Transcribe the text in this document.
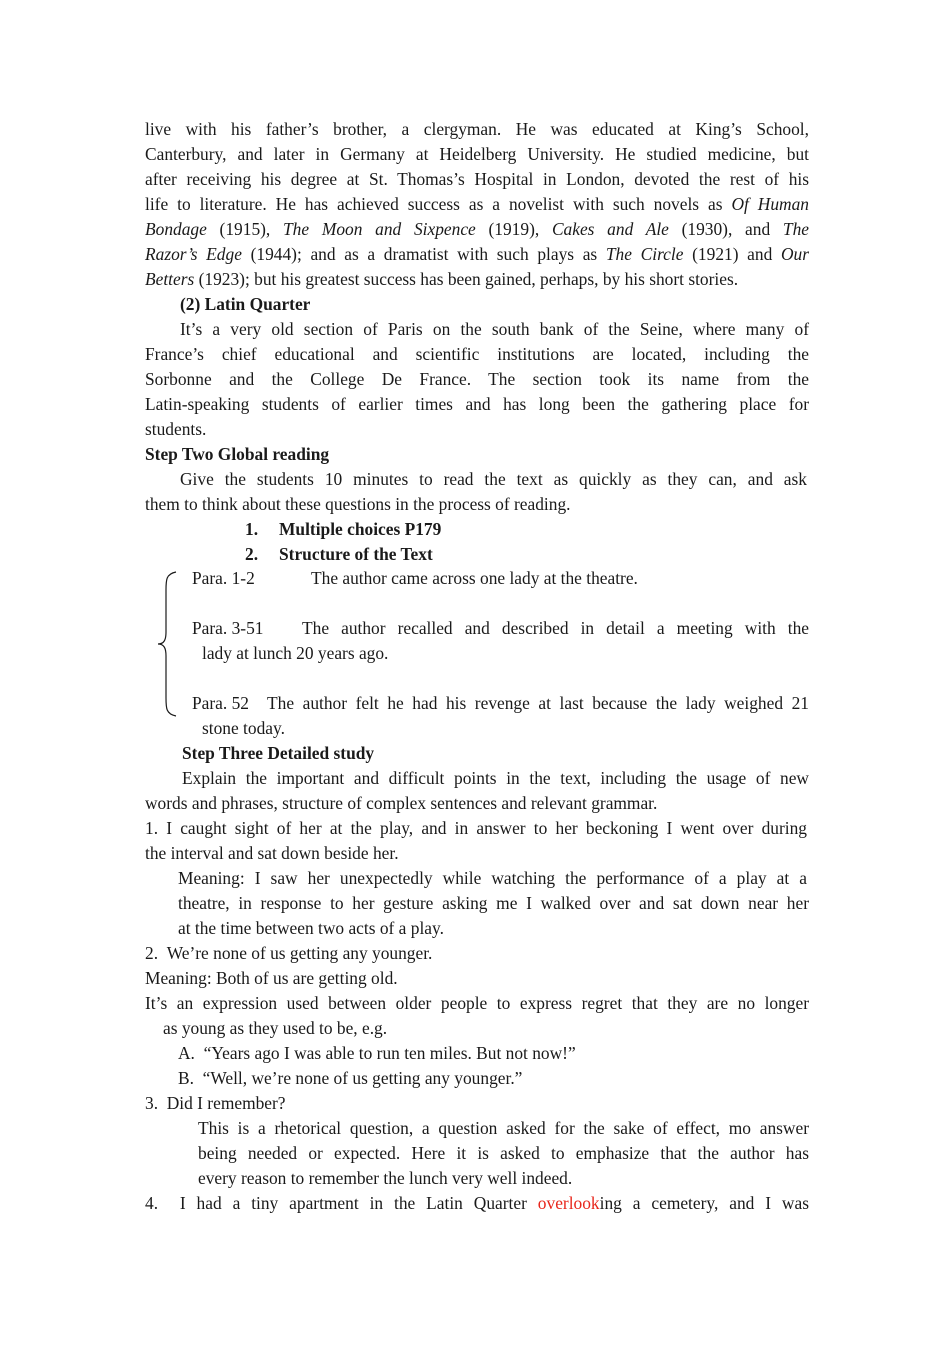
live with his father’s brother, a clergyman. He was educated at King’s School,
Canterbury, and later in Germany at Heidelberg University. He studied medicine, but
after receiving his degree at St. Thomas’s Hospital in London, devoted the rest of his
life to literature. He has achieved success as a novelist with such novels as Of Human
Bondage (1915), The Moon and Sixpence (1919), Cakes and Ale (1930), and The
Razor’s Edge (1944); and as a dramatist with such plays as The Circle (1921) and Our
Betters (1923); but his greatest success has been gained, perhaps, by his short stories.
(2) Latin Quarter
It’s a very old section of Paris on the south bank of the Seine, where many of
France’s chief educational and scientific institutions are located, including the
Sorbonne and the College De France. The section took its name from the
Latin-speaking students of earlier times and has long been the gathering place for
students.
Step Two Global reading
Give the students 10 minutes to read the text as quickly as they can, and ask
them to think about these questions in the process of reading.
1. Multiple choices P179
2. Structure of the Text
Para. 1-2	The author came across one lady at the theatre.
Para. 3-51 The author recalled and described in detail a meeting with the
lady at lunch 20 years ago.
Para. 52 The author felt he had his revenge at last because the lady weighed 21
stone today.
Step Three Detailed study
Explain the important and difficult points in the text, including the usage of new
words and phrases, structure of complex sentences and relevant grammar.
1. I caught sight of her at the play, and in answer to her beckoning I went over during
the interval and sat down beside her.
Meaning: I saw her unexpectedly while watching the performance of a play at a
theatre, in response to her gesture asking me I walked over and sat down near her
at the time between two acts of a play.
2.  We’re none of us getting any younger.
Meaning: Both of us are getting old.
It’s an expression used between older people to express regret that they are no longer
as young as they used to be, e.g.
A.  “Years ago I was able to run ten miles. But not now!”
B.  “Well, we’re none of us getting any younger.”
3.  Did I remember?
This is a rhetorical question, a question asked for the sake of effect, mo answer
being needed or expected. Here it is asked to emphasize that the author has
every reason to remember the lunch very well indeed.
4.  I had a tiny apartment in the Latin Quarter overlooking a cemetery, and I was
